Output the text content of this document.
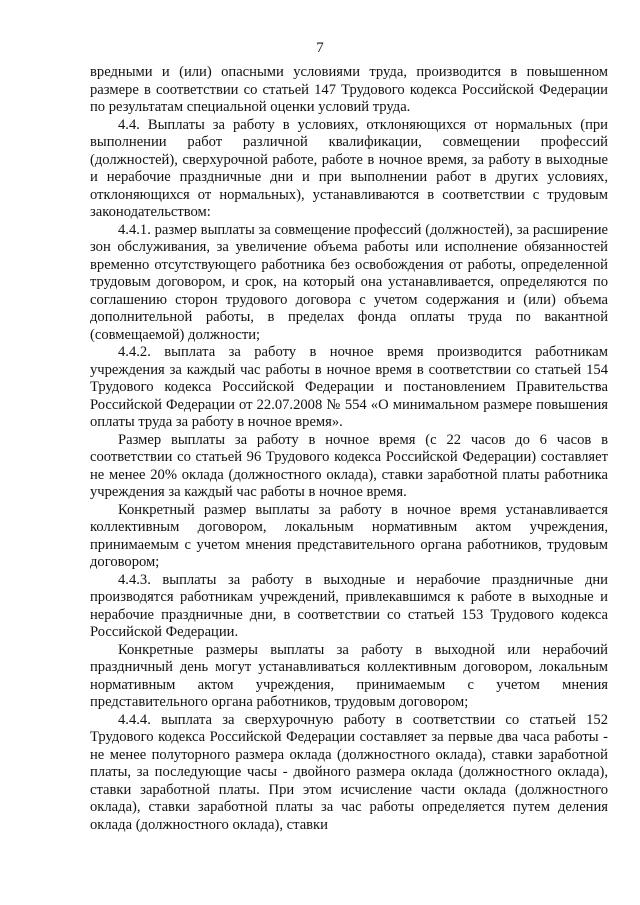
7

вредными и (или) опасными условиями труда, производится в повышенном размере в соответствии со статьей 147 Трудового кодекса Российской Федерации по результатам специальной оценки условий труда.

4.4. Выплаты за работу в условиях, отклоняющихся от нормальных (при выполнении работ различной квалификации, совмещении профессий (должностей), сверхурочной работе, работе в ночное время, за работу в выходные и нерабочие праздничные дни и при выполнении работ в других условиях, отклоняющихся от нормальных), устанавливаются в соответствии с трудовым законодательством:

4.4.1. размер выплаты за совмещение профессий (должностей), за расширение зон обслуживания, за увеличение объема работы или исполнение обязанностей временно отсутствующего работника без освобождения от работы, определенной трудовым договором, и срок, на который она устанавливается, определяются по соглашению сторон трудового договора с учетом содержания и (или) объема дополнительной работы, в пределах фонда оплаты труда по вакантной (совмещаемой) должности;

4.4.2. выплата за работу в ночное время производится работникам учреждения за каждый час работы в ночное время в соответствии со статьей 154 Трудового кодекса Российской Федерации и постановлением Правительства Российской Федерации от 22.07.2008 № 554 «О минимальном размере повышения оплаты труда за работу в ночное время».

Размер выплаты за работу в ночное время (с 22 часов до 6 часов в соответствии со статьей 96 Трудового кодекса Российской Федерации) составляет не менее 20% оклада (должностного оклада), ставки заработной платы работника учреждения за каждый час работы в ночное время.

Конкретный размер выплаты за работу в ночное время устанавливается коллективным договором, локальным нормативным актом учреждения, принимаемым с учетом мнения представительного органа работников, трудовым договором;

4.4.3. выплаты за работу в выходные и нерабочие праздничные дни производятся работникам учреждений, привлекавшимся к работе в выходные и нерабочие праздничные дни, в соответствии со статьей 153 Трудового кодекса Российской Федерации.

Конкретные размеры выплаты за работу в выходной или нерабочий праздничный день могут устанавливаться коллективным договором, локальным нормативным актом учреждения, принимаемым с учетом мнения представительного органа работников, трудовым договором;

4.4.4. выплата за сверхурочную работу в соответствии со статьей 152 Трудового кодекса Российской Федерации составляет за первые два часа работы - не менее полуторного размера оклада (должностного оклада), ставки заработной платы, за последующие часы - двойного размера оклада (должностного оклада), ставки заработной платы. При этом исчисление части оклада (должностного оклада), ставки заработной платы за час работы определяется путем деления оклада (должностного оклада), ставки
